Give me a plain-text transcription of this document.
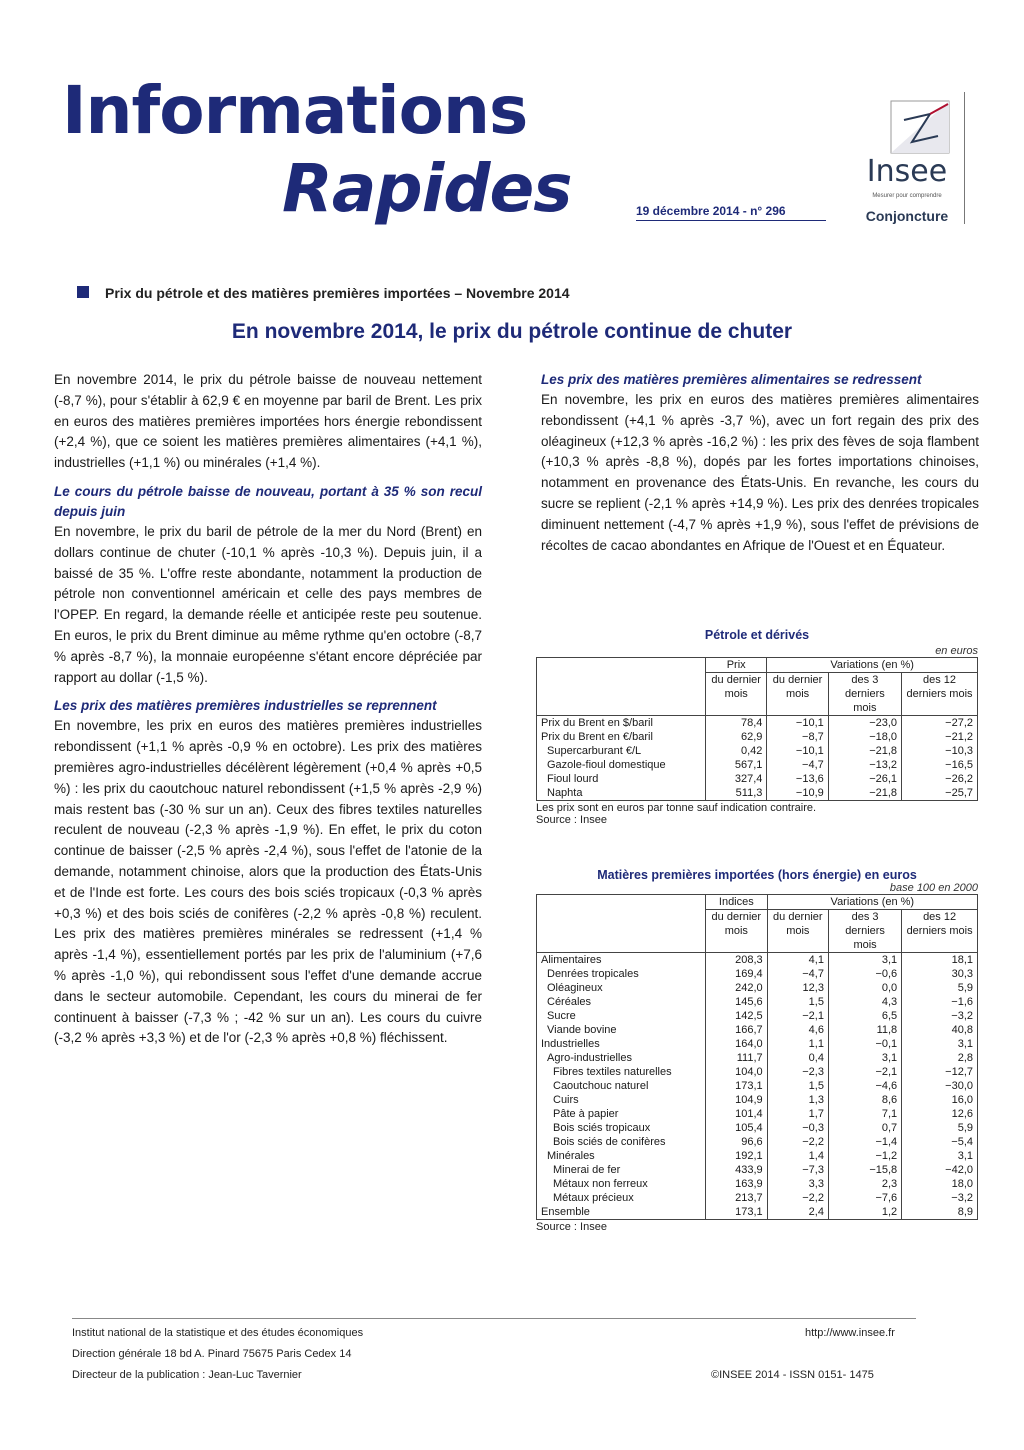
Informations
Rapides	19 décembre 2014 - n° 296
Insee
Mesurer pour comprendre
Conjoncture
Prix du pétrole et des matières premières importées – Novembre 2014
En novembre 2014, le prix du pétrole continue de chuter

En novembre 2014, le prix du pétrole baisse de nouveau nettement (-8,7 %), pour s'établir à 62,9 € en moyenne par baril de Brent. Les prix en euros des matières premières importées hors énergie rebondissent (+2,4 %), que ce soient les matières premières alimentaires (+4,1 %), industrielles (+1,1 %) ou minérales (+1,4 %).

Le cours du pétrole baisse de nouveau, portant à 35 % son recul depuis juin

En novembre, le prix du baril de pétrole de la mer du Nord (Brent) en dollars continue de chuter (-10,1 % après -10,3 %). Depuis juin, il a baissé de 35 %. L'offre reste abondante, notamment la production de pétrole non conventionnel américain et celle des pays membres de l'OPEP. En regard, la demande réelle et anticipée reste peu soutenue. En euros, le prix du Brent diminue au même rythme qu'en octobre (-8,7 % après -8,7 %), la monnaie européenne s'étant encore dépréciée par rapport au dollar (-1,5 %).

Les prix des matières premières industrielles se reprennent

En novembre, les prix en euros des matières premières industrielles rebondissent (+1,1 % après -0,9 % en octobre). Les prix des matières premières agro-industrielles décélèrent légèrement (+0,4 % après +0,5 %) : les prix du caoutchouc naturel rebondissent (+1,5 % après -2,9 %) mais restent bas (-30 % sur un an). Ceux des fibres textiles naturelles reculent de nouveau (-2,3 % après -1,9 %). En effet, le prix du coton continue de baisser (-2,5 % après -2,4 %), sous l'effet de l'atonie de la demande, notamment chinoise, alors que la production des États-Unis et de l'Inde est forte. Les cours des bois sciés tropicaux (-0,3 % après +0,3 %) et des bois sciés de conifères (-2,2 % après -0,8 %) reculent. Les prix des matières premières minérales se redressent (+1,4 % après -1,4 %), essentiellement portés par les prix de l'aluminium (+7,6 % après -1,0 %), qui rebondissent sous l'effet d'une demande accrue dans le secteur automobile. Cependant, les cours du minerai de fer continuent à baisser (-7,3 % ; -42 % sur un an). Les cours du cuivre (-3,2 % après +3,3 %) et de l'or (-2,3 % après +0,8 %) fléchissent.

Les prix des matières premières alimentaires se redressent

En novembre, les prix en euros des matières premières alimentaires rebondissent (+4,1 % après -3,7 %), avec un fort regain des prix des oléagineux (+12,3 % après -16,2 %) : les prix des fèves de soja flambent (+10,3 % après -8,8 %), dopés par les fortes importations chinoises, notamment en provenance des États-Unis. En revanche, les cours du sucre se replient (-2,1 % après +14,9 %). Les prix des denrées tropicales diminuent nettement (-4,7 % après +1,9 %), sous l'effet de prévisions de récoltes de cacao abondantes en Afrique de l'Ouest et en Équateur.

Pétrole et dérivés
en euros
	Prix	Variations (en %)		
	du dernier mois	du dernier mois	des 3 derniers mois	des 12 derniers mois
Prix du Brent en $/baril	78,4	−10,1	−23,0	−27,2
Prix du Brent en €/baril	62,9	−8,7	−18,0	−21,2
Supercarburant €/L	0,42	−10,1	−21,8	−10,3
Gazole-fioul domestique	567,1	−4,7	−13,2	−16,5
Fioul lourd	327,4	−13,6	−26,1	−26,2
Naphta	511,3	−10,9	−21,8	−25,7
Les prix sont en euros par tonne sauf indication contraire.
Source : Insee
Matières premières importées (hors énergie) en euros
base 100 en 2000
	Indices	Variations (en %)		
	du dernier mois	du dernier mois	des 3 derniers mois	des 12 derniers mois
Alimentaires	208,3	4,1	3,1	18,1
Denrées tropicales	169,4	−4,7	−0,6	30,3
Oléagineux	242,0	12,3	0,0	5,9
Céréales	145,6	1,5	4,3	−1,6
Sucre	142,5	−2,1	6,5	−3,2
Viande bovine	166,7	4,6	11,8	40,8
Industrielles	164,0	1,1	−0,1	3,1
Agro-industrielles	111,7	0,4	3,1	2,8
Fibres textiles naturelles	104,0	−2,3	−2,1	−12,7
Caoutchouc naturel	173,1	1,5	−4,6	−30,0
Cuirs	104,9	1,3	8,6	16,0
Pâte à papier	101,4	1,7	7,1	12,6
Bois sciés tropicaux	105,4	−0,3	0,7	5,9
Bois sciés de conifères	96,6	−2,2	−1,4	−5,4
Minérales	192,1	1,4	−1,2	3,1
Minerai de fer	433,9	−7,3	−15,8	−42,0
Métaux non ferreux	163,9	3,3	2,3	18,0
Métaux précieux	213,7	−2,2	−7,6	−3,2
Ensemble	173,1	2,4	1,2	8,9
Source : Insee
Institut national de la statistique et des études économiques
Direction générale 18 bd A. Pinard 75675 Paris Cedex 14
Directeur de la publication : Jean-Luc Tavernier
http://www.insee.fr
©INSEE 2014 - ISSN 0151- 1475
